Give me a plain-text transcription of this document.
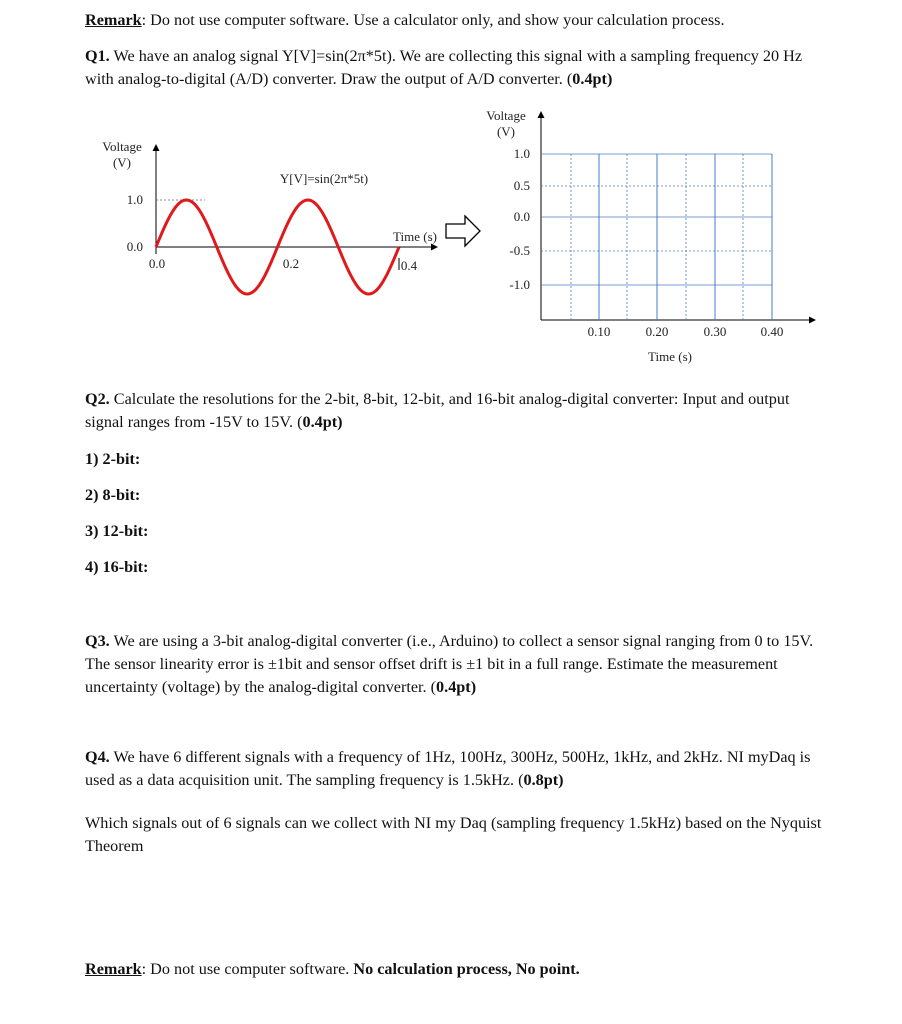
Remark: Do not use computer software. Use a calculator only, and show your calculation process.

Q1. We have an analog signal Y[V]=sin(2π*5t). We are collecting this signal with a sampling frequency 20 Hz with analog-to-digital (A/D) converter. Draw the output of A/D converter. (0.4pt)

Voltage
(V)
1.0
0.0
0.0	0.2	0.4
Time (s)
Y[V]=sin(2π*5t)
Voltage
(V)
1.0
0.5
0.0
-0.5
-1.0
0.10	0.20	0.30	0.40
Time (s)

Q2. Calculate the resolutions for the 2-bit, 8-bit, 12-bit, and 16-bit analog-digital converter: Input and output signal ranges from -15V to 15V. (0.4pt)

1) 2-bit:

2) 8-bit:

3) 12-bit:

4) 16-bit:

Q3. We are using a 3-bit analog-digital converter (i.e., Arduino) to collect a sensor signal ranging from 0 to 15V. The sensor linearity error is ±1bit and sensor offset drift is ±1 bit in a full range. Estimate the measurement uncertainty (voltage) by the analog-digital converter. (0.4pt)

Q4. We have 6 different signals with a frequency of 1Hz, 100Hz, 300Hz, 500Hz, 1kHz, and 2kHz. NI myDaq is used as a data acquisition unit. The sampling frequency is 1.5kHz. (0.8pt)

Which signals out of 6 signals can we collect with NI my Daq (sampling frequency 1.5kHz) based on the Nyquist Theorem

Remark: Do not use computer software. No calculation process, No point.
